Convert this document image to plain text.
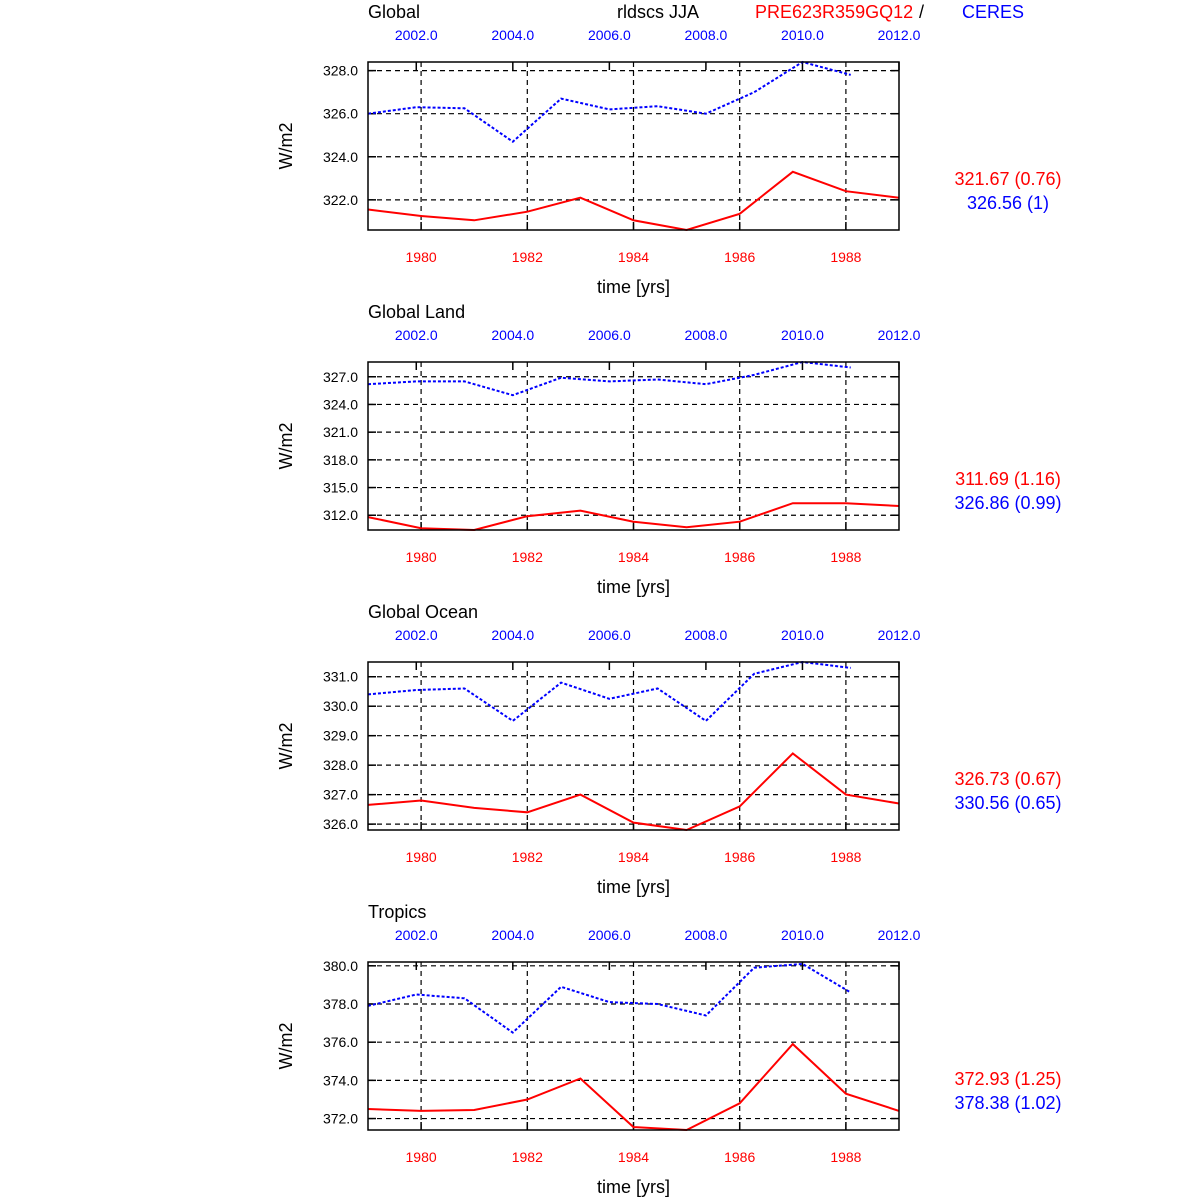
rldscs JJA	PRE623R359GQ12 / CERES
322.0
324.0
326.0
328.0
1980	1982	1984	1986	1988
2002.0	2004.0	2006.0	2008.0	2010.0	2012.0
Global
time [yrs]
W/m2
321.67 (0.76)
326.56 (1)
312.0
315.0
318.0
321.0
324.0
327.0
1980	1982	1984	1986	1988
2002.0	2004.0	2006.0	2008.0	2010.0	2012.0
Global Land
time [yrs]
W/m2
311.69 (1.16)
326.86 (0.99)
326.0
327.0
328.0
329.0
330.0
331.0
1980	1982	1984	1986	1988
2002.0	2004.0	2006.0	2008.0	2010.0	2012.0
Global Ocean
time [yrs]
W/m2
326.73 (0.67)
330.56 (0.65)
372.0
374.0
376.0
378.0
380.0
1980	1982	1984	1986	1988
2002.0	2004.0	2006.0	2008.0	2010.0	2012.0
Tropics
time [yrs]
W/m2
372.93 (1.25)
378.38 (1.02)
